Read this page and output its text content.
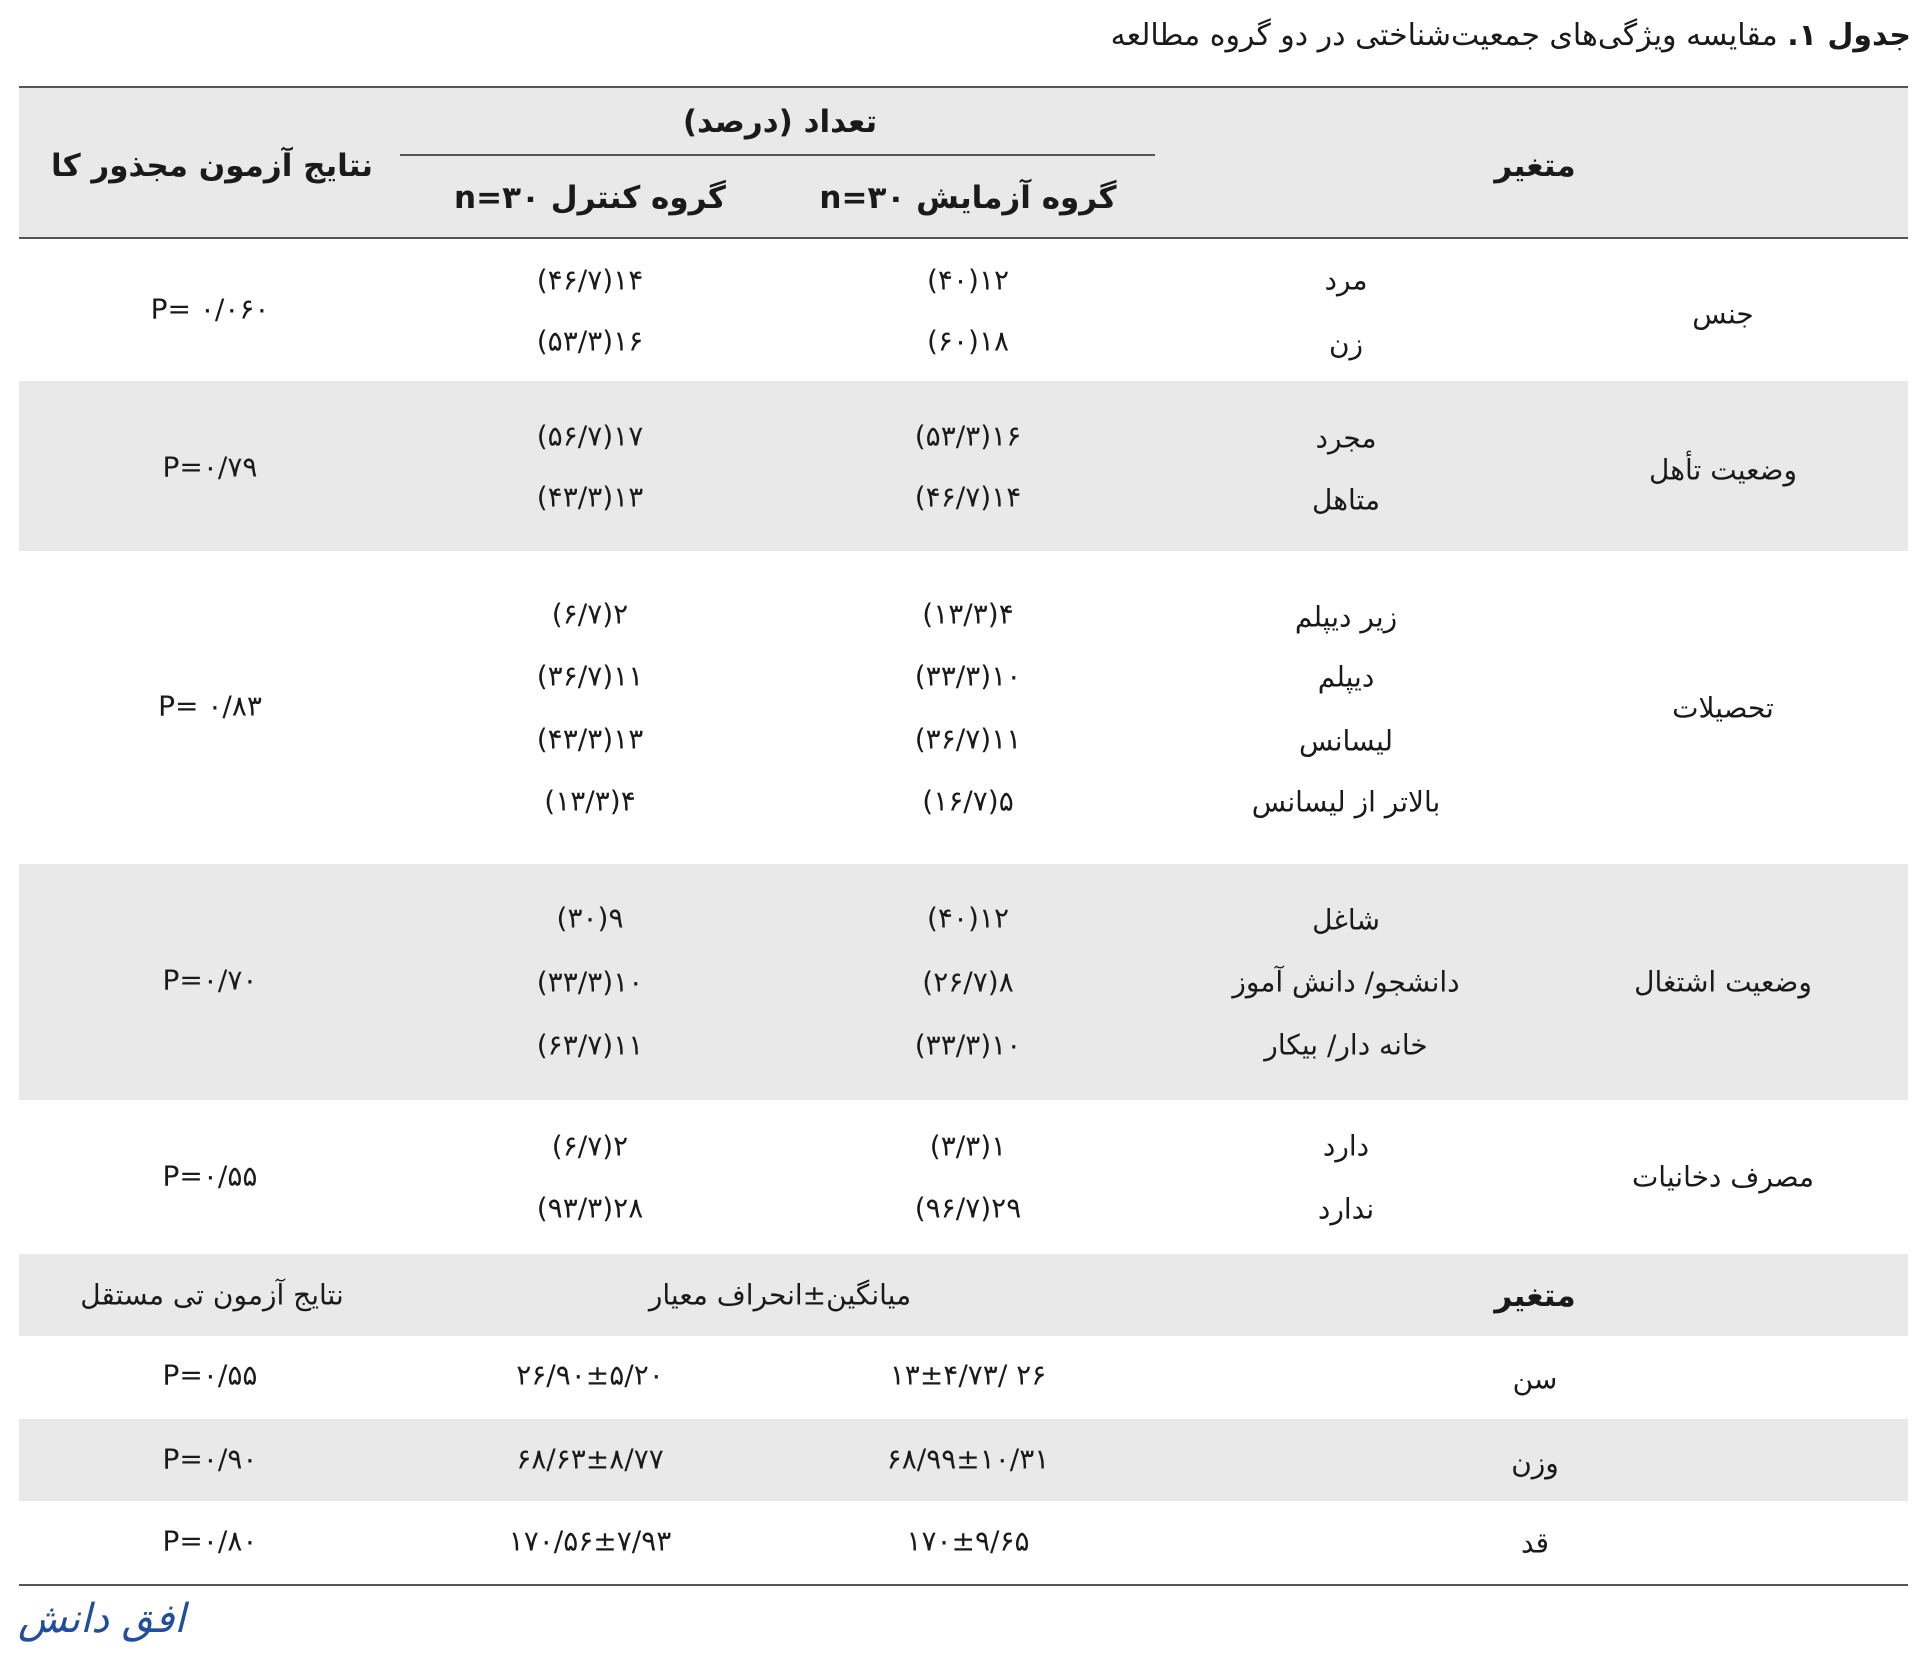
جدول ۱. مقایسه ویژگی‌های جمعیت‌شناختی در دو گروه مطالعه
متغیر
تعداد (درصد)
گروه آزمایش ۳۰=n
گروه کنترل ۳۰=n
نتایج آزمون مجذور کا
جنس
P= ۰/۰۶۰
مرد
۱۲(۴۰)
۱۴(۴۶/۷)
زن
۱۸(۶۰)
۱۶(۵۳/۳)
وضعیت تأهل
P=۰/۷۹
مجرد
۱۶(۵۳/۳)
۱۷(۵۶/۷)
متاهل
۱۴(۴۶/۷)
۱۳(۴۳/۳)
تحصیلات
P= ۰/۸۳
زیر دیپلم
۴(۱۳/۳)
۲(۶/۷)
دیپلم
۱۰(۳۳/۳)
۱۱(۳۶/۷)
لیسانس
۱۱(۳۶/۷)
۱۳(۴۳/۳)
بالاتر از لیسانس
۵(۱۶/۷)
۴(۱۳/۳)
وضعیت اشتغال
P=۰/۷۰
شاغل
۱۲(۴۰)
۹(۳۰)
دانشجو/ دانش آموز
۸(۲۶/۷)
۱۰(۳۳/۳)
خانه دار/ بیکار
۱۰(۳۳/۳)
۱۱(۶۳/۷)
مصرف دخانیات
P=۰/۵۵
دارد
۱(۳/۳)
۲(۶/۷)
ندارد
۲۹(۹۶/۷)
۲۸(۹۳/۳)
متغیر
میانگین±انحراف معیار
نتایج آزمون تی مستقل
سن
۲۶ /۱۳±۴/۷۳
۲۶/۹۰±۵/۲۰
P=۰/۵۵
وزن
۶۸/۹۹±۱۰/۳۱
۶۸/۶۳±۸/۷۷
P=۰/۹۰
قد
۱۷۰±۹/۶۵
۱۷۰/۵۶±۷/۹۳
P=۰/۸۰
افق دانش
